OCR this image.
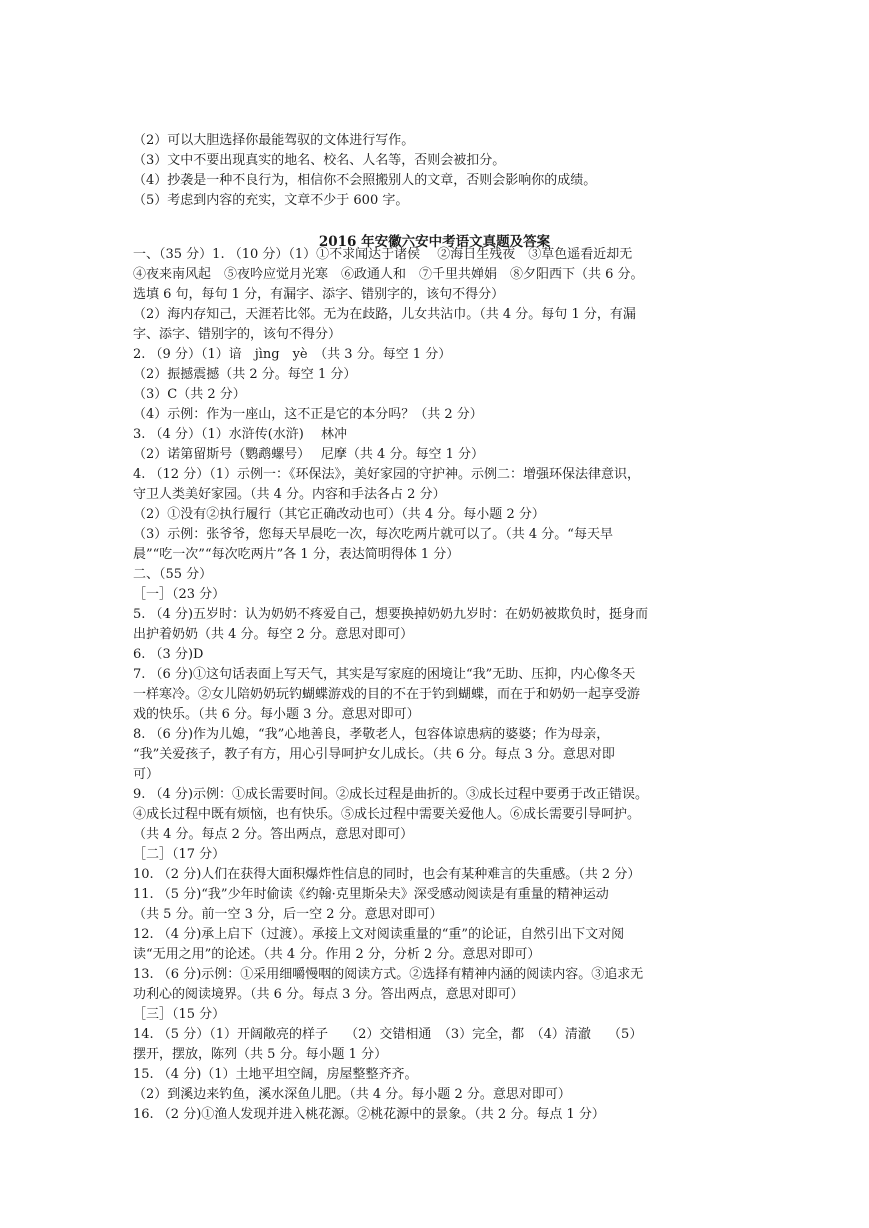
（2）可以大胆选择你最能驾驭的文体进行写作。
（3）文中不要出现真实的地名、校名、人名等，否则会被扣分。
（4）抄袭是一种不良行为，相信你不会照搬别人的文章，否则会影响你的成绩。
（5）考虑到内容的充实，文章不少于 600 字。
2016 年安徽六安中考语文真题及答案
一、（35 分）1. （10 分）（1）①不求闻达于诸侯　 ②海日生残夜　③草色遥看近却无
④夜来南风起　⑤夜吟应觉月光寒　⑥政通人和　⑦千里共婵娟　⑧夕阳西下（共 6 分。
选填 6 句，每句 1 分，有漏字、添字、错别字的，该句不得分）
（2）海内存知己，天涯若比邻。无为在歧路，儿女共沾巾。（共 4 分。每句 1 分，有漏
字、添字、错别字的，该句不得分）
2. （9 分）（1）谙　jìng　yè　（共 3 分。每空 1 分）
（2）振撼震撼（共 2 分。每空 1 分）
（3）C（共 2 分）
（4）示例：作为一座山，这不正是它的本分吗？（共 2 分）
3. （4 分）（1）水浒传(水浒)　 林冲
（2）诺第留斯号（鹦鹉螺号）　 尼摩（共 4 分。每空 1 分）
4. （12 分）（1）示例一：《环保法》，美好家园的守护神。示例二：增强环保法律意识，
守卫人类美好家园。（共 4 分。内容和手法各占 2 分）
（2）①没有②执行履行（其它正确改动也可）（共 4 分。每小题 2 分）
（3）示例：张爷爷，您每天早晨吃一次，每次吃两片就可以了。（共 4 分。“每天早
晨”“吃一次”“每次吃两片”各 1 分，表达简明得体 1 分）
二、（55 分）
［一］（23 分）
5. （4 分)五岁时：认为奶奶不疼爱自己，想要换掉奶奶九岁时：在奶奶被欺负时，挺身而
出护着奶奶（共 4 分。每空 2 分。意思对即可）
6. （3 分)D
7. （6 分)①这句话表面上写天气，其实是写家庭的困境让“我”无助、压抑，内心像冬天
一样寒冷。②女儿陪奶奶玩钓蝴蝶游戏的目的不在于钓到蝴蝶，而在于和奶奶一起享受游
戏的快乐。（共 6 分。每小题 3 分。意思对即可）
8. （6 分)作为儿媳，“我”心地善良，孝敬老人，包容体谅患病的婆婆；作为母亲，
“我”关爱孩子，教子有方，用心引导呵护女儿成长。（共 6 分。每点 3 分。意思对即
可）
9. （4 分)示例：①成长需要时间。②成长过程是曲折的。③成长过程中要勇于改正错误。
④成长过程中既有烦恼，也有快乐。⑤成长过程中需要关爱他人。⑥成长需要引导呵护。
（共 4 分。每点 2 分。答出两点，意思对即可）
［二］（17 分）
10. （2 分)人们在获得大面积爆炸性信息的同时，也会有某种难言的失重感。（共 2 分）
11. （5 分)“我”少年时偷读《约翰·克里斯朵夫》深受感动阅读是有重量的精神运动
（共 5 分。前一空 3 分，后一空 2 分。意思对即可）
12. （4 分)承上启下（过渡）。承接上文对阅读重量的“重”的论证，自然引出下文对阅
读“无用之用”的论述。（共 4 分。作用 2 分，分析 2 分。意思对即可）
13. （6 分)示例：①采用细嚼慢咽的阅读方式。②选择有精神内涵的阅读内容。③追求无
功利心的阅读境界。（共 6 分。每点 3 分。答出两点，意思对即可）
［三］（15 分）
14. （5 分）（1）开阔敞亮的样子　 （2）交错相通　（3）完全，都　（4）清澈　 （5）
摆开，摆放，陈列（共 5 分。每小题 1 分）
15. （4 分)（1）土地平坦空阔，房屋整整齐齐。
（2）到溪边来钓鱼，溪水深鱼儿肥。（共 4 分。每小题 2 分。意思对即可）
16. （2 分)①渔人发现并进入桃花源。②桃花源中的景象。（共 2 分。每点 1 分）
